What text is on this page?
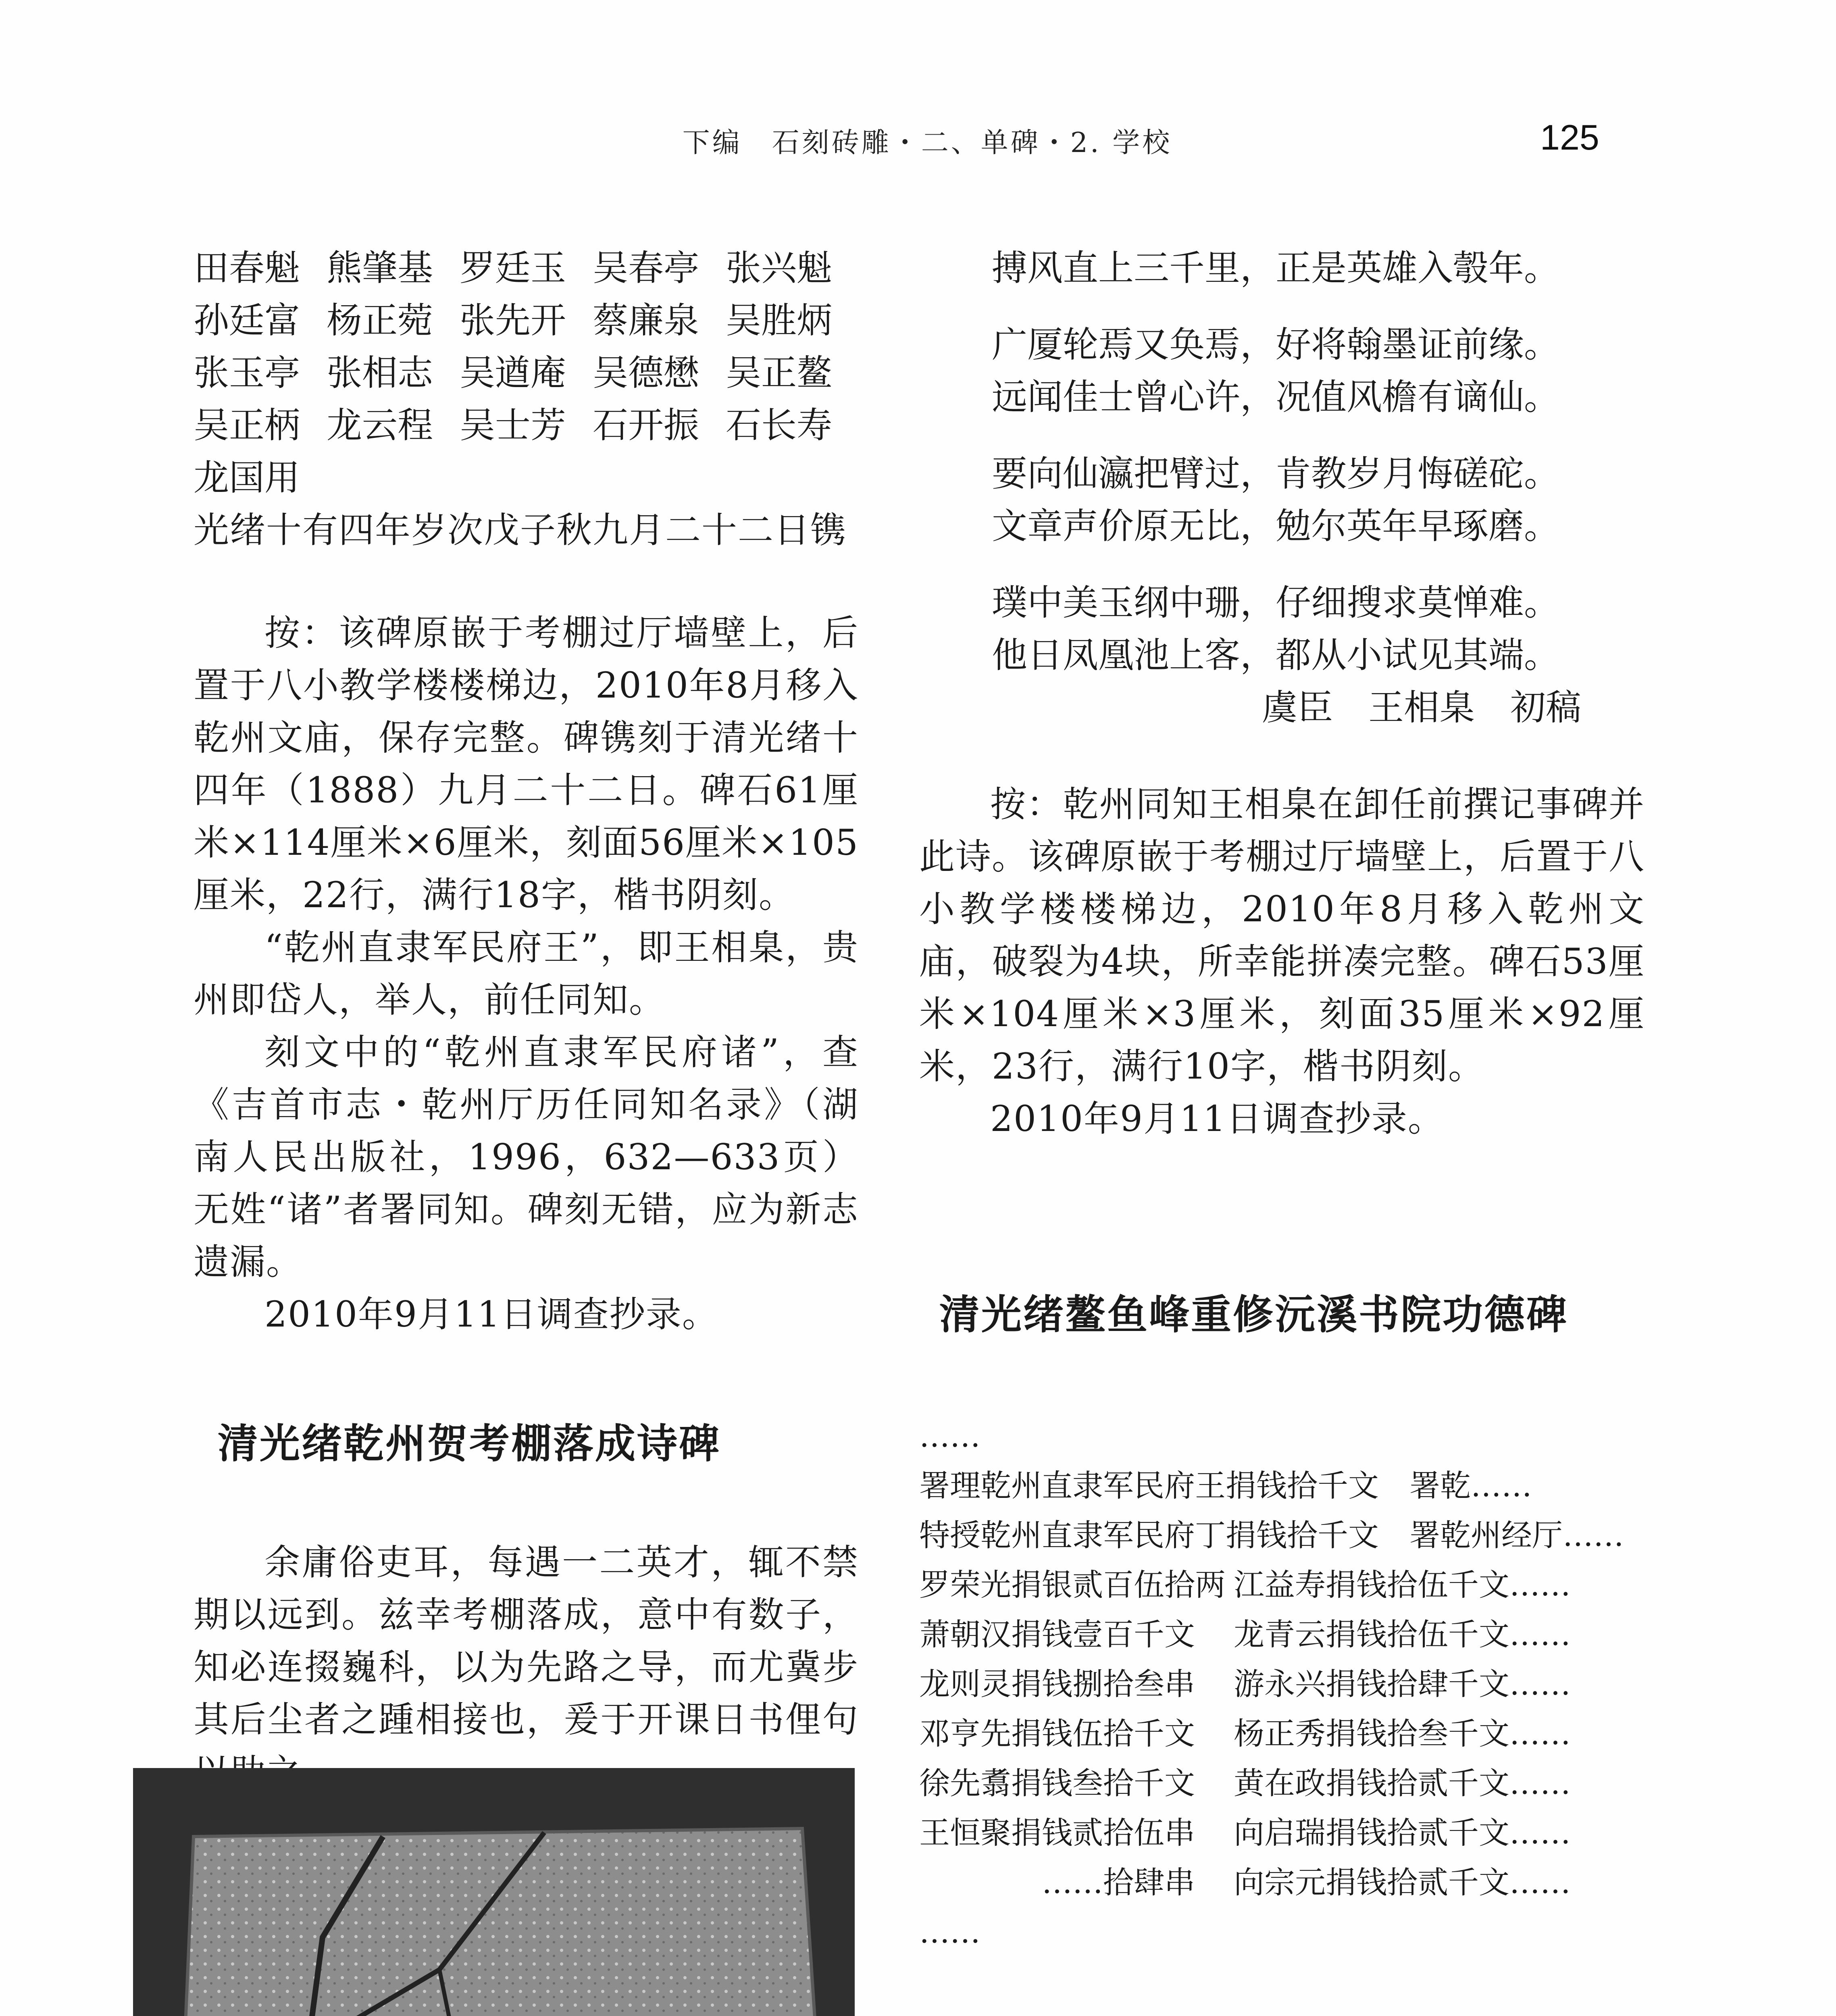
下编　石刻砖雕・二、单碑・2. 学校	125
田春魁 熊肇基 罗廷玉 吴春亭 张兴魁
孙廷富 杨正菀 张先开 蔡廉泉 吴胜炳
张玉亭 张相志 吴遒庵 吴德懋 吴正鳌
吴正柄 龙云程 吴士芳 石开振 石长寿
龙国用

光绪十有四年岁次戊子秋九月二十二日镌

按：该碑原嵌于考棚过厅墙壁上，后置于八小教学楼楼梯边，2010年8月移入乾州文庙，保存完整。碑镌刻于清光绪十四年（1888）九月二十二日。碑石61厘米×114厘米×6厘米，刻面56厘米×105厘米，22行，满行18字，楷书阴刻。

“乾州直隶军民府王”，即王相臬，贵州即岱人，举人，前任同知。

刻文中的“乾州直隶军民府诸”，查《吉首市志・乾州厅历任同知名录》（湖南人民出版社，1996，632—633页）无姓“诸”者署同知。碑刻无错，应为新志遗漏。

2010年9月11日调查抄录。

清光绪乾州贺考棚落成诗碑

余庸俗吏耳，每遇一二英才，辄不禁期以远到。兹幸考棚落成，意中有数子，知必连掇巍科，以为先路之导，而尤冀步其后尘者之踵相接也，爰于开课日书俚句

搏风直上三千里，正是英雄入彀年。
广厦轮焉又奂焉，好将翰墨证前缘。
远闻佳士曾心许，况值风檐有谪仙。
要向仙瀛把臂过，肯教岁月悔磋砣。
文章声价原无比，勉尔英年早琢磨。
璞中美玉纲中珊，仔细搜求莫惮难。
他日凤凰池上客，都从小试见其端。
虞臣　王相臬　初稿

按：乾州同知王相臬在卸任前撰记事碑并此诗。该碑原嵌于考棚过厅墙壁上，后置于八小教学楼楼梯边，2010年8月移入乾州文庙，破裂为4块，所幸能拼凑完整。碑石53厘米×104厘米×3厘米，刻面35厘米×92厘米，23行，满行10字，楷书阴刻。

2010年9月11日调查抄录。

清光绪鳌鱼峰重修沅溪书院功德碑
……
署理乾州直隶军民府王捐钱拾千文　署乾……
特授乾州直隶军民府丁捐钱拾千文　署乾州经厅……
罗荣光捐银贰百伍拾两 江益寿捐钱拾伍千文……
萧朝汉捐钱壹百千文	龙青云捐钱拾伍千文……
龙则灵捐钱捌拾叁串	游永兴捐钱拾肆千文……
邓亨先捐钱伍拾千文	杨正秀捐钱拾叁千文……
徐先翥捐钱叁拾千文	黄在政捐钱拾贰千文……
王恒聚捐钱贰拾伍串	向启瑞捐钱拾贰千文……
　　　　……拾肆串	向宗元捐钱拾贰千文……
……
